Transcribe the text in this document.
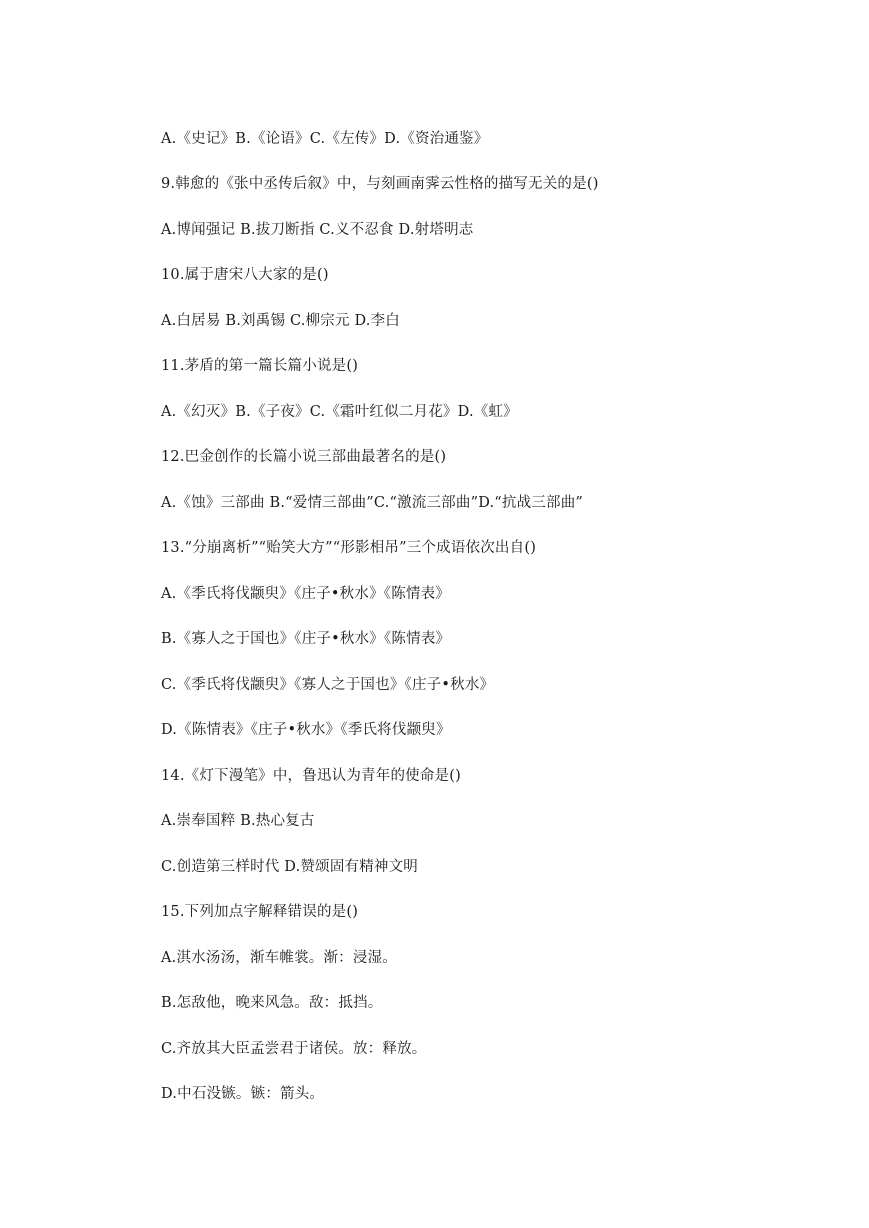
A.《史记》B.《论语》C.《左传》D.《资治通鉴》
9.韩愈的《张中丞传后叙》中，与刻画南霁云性格的描写无关的是()
A.博闻强记 B.拔刀断指 C.义不忍食 D.射塔明志
10.属于唐宋八大家的是()
A.白居易 B.刘禹锡 C.柳宗元 D.李白
11.茅盾的第一篇长篇小说是()
A.《幻灭》B.《子夜》C.《霜叶红似二月花》D.《虹》
12.巴金创作的长篇小说三部曲最著名的是()
A.《蚀》三部曲 B.“爱情三部曲”C.“激流三部曲”D.“抗战三部曲”
13.“分崩离析”“贻笑大方”“形影相吊”三个成语依次出自()
A.《季氏将伐颛臾》《庄子•秋水》《陈情表》
B.《寡人之于国也》《庄子•秋水》《陈情表》
C.《季氏将伐颛臾》《寡人之于国也》《庄子•秋水》
D.《陈情表》《庄子•秋水》《季氏将伐颛臾》
14.《灯下漫笔》中，鲁迅认为青年的使命是()
A.崇奉国粹 B.热心复古
C.创造第三样时代 D.赞颂固有精神文明
15.下列加点字解释错误的是()
A.淇水汤汤，渐车帷裳。渐：浸湿。
B.怎敌他，晚来风急。敌：抵挡。
C.齐放其大臣孟尝君于诸侯。放：释放。
D.中石没镞。镞：箭头。
